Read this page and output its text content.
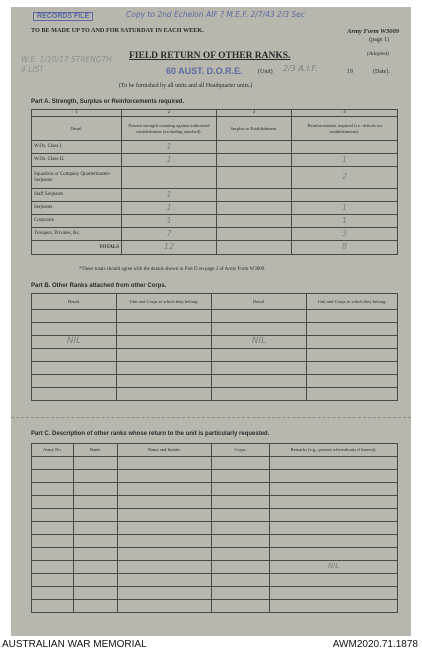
RECORDS FILE	Copy to 2nd Echelon AIF ? M.E.F. 2/7/43 2/3 Sec
TO BE MADE UP TO AND FOR SATURDAY IN EACH WEEK.	Army Form W3009
(page 1)
(Adapted)
W.E. 1/10/17 STRENGTH 4 LIST
FIELD RETURN OF OTHER RANKS.
60 AUST. D.O.R.E.	(Unit) 2/3 A.I.F.	19	(Date).
(To be furnished by all units and all Headquarter units.)
Part A. Strength, Surplus or Reinforcements required.
1	2	3	4
Detail.	Present strength counting against authorised establishment (excluding attached).	Surplus to Establishment.	Reinforcements required (i.e. deficits on establishments).
W.Os. Class I.	1		
W.Os. Class II.	1		1
Squadron or Company Quartermaster-Serjeants			2
Staff Serjeants	1		
Serjeants	1		1
Corporals	1		1
Troopers, Privates, &c.	7		3
TOTALS	12		8
*These totals should agree with the details shown in Part D on page 3 of Army Form W3009.
Part B. Other Ranks attached from other Corps.
Detail.	Unit and Corps to which they belong.	Detail.	Unit and Corps to which they belong.

NIL		NIL	

Part C. Description of other ranks whose return to the unit is particularly requested.
Army No.	Rank.	Name and Initials.	Corps.	Remarks (e.g., present whereabouts if known).

				NIL

AUSTRALIAN WAR MEMORIAL	AWM2020.71.1878
